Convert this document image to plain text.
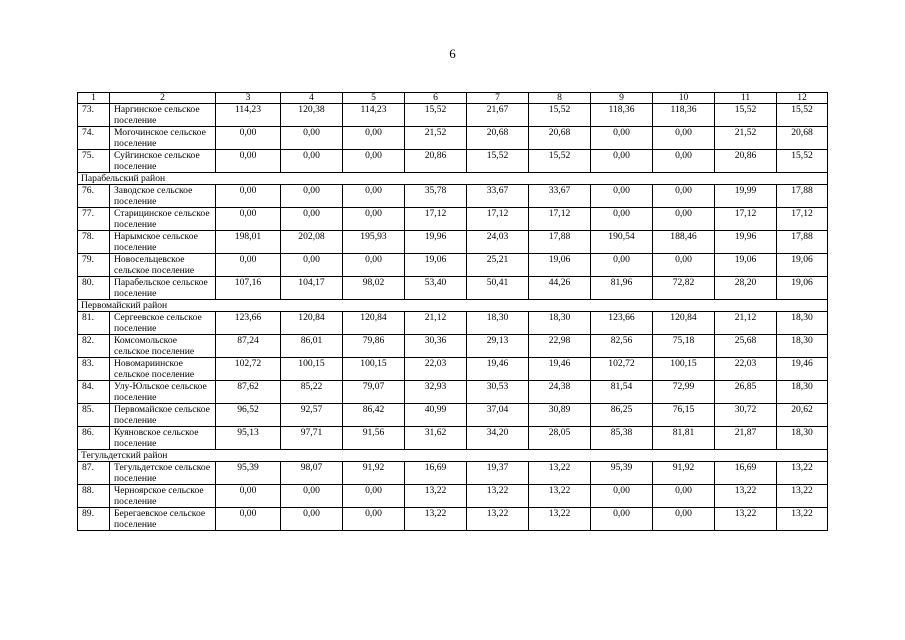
6
1	2	3	4	5	6	7	8	9	10	11	12
73.	Наргинское сельское поселение	114,23	120,38	114,23	15,52	21,67	15,52	118,36	118,36	15,52	15,52
74.	Могочинское сельское поселение	0,00	0,00	0,00	21,52	20,68	20,68	0,00	0,00	21,52	20,68
75.	Суйгинское сельское поселение	0,00	0,00	0,00	20,86	15,52	15,52	0,00	0,00	20,86	15,52
Парабельский район											
76.	Заводское сельское поселение	0,00	0,00	0,00	35,78	33,67	33,67	0,00	0,00	19,99	17,88
77.	Старицинское сельское поселение	0,00	0,00	0,00	17,12	17,12	17,12	0,00	0,00	17,12	17,12
78.	Нарымское сельское поселение	198,01	202,08	195,93	19,96	24,03	17,88	190,54	188,46	19,96	17,88
79.	Новосельцевское сельское поселение	0,00	0,00	0,00	19,06	25,21	19,06	0,00	0,00	19,06	19,06
80.	Парабельское сельское поселение	107,16	104,17	98,02	53,40	50,41	44,26	81,96	72,82	28,20	19,06
Первомайский район											
81.	Сергеевское сельское поселение	123,66	120,84	120,84	21,12	18,30	18,30	123,66	120,84	21,12	18,30
82.	Комсомольское сельское поселение	87,24	86,01	79,86	30,36	29,13	22,98	82,56	75,18	25,68	18,30
83.	Новомариинское сельское поселение	102,72	100,15	100,15	22,03	19,46	19,46	102,72	100,15	22,03	19,46
84.	Улу-Юльское сельское поселение	87,62	85,22	79,07	32,93	30,53	24,38	81,54	72,99	26,85	18,30
85.	Первомайское сельское поселение	96,52	92,57	86,42	40,99	37,04	30,89	86,25	76,15	30,72	20,62
86.	Куяновское сельское поселение	95,13	97,71	91,56	31,62	34,20	28,05	85,38	81,81	21,87	18,30
Тегульдетский район											
87.	Тегульдетское сельское поселение	95,39	98,07	91,92	16,69	19,37	13,22	95,39	91,92	16,69	13,22
88.	Черноярское сельское поселение	0,00	0,00	0,00	13,22	13,22	13,22	0,00	0,00	13,22	13,22
89.	Берегаевское сельское поселение	0,00	0,00	0,00	13,22	13,22	13,22	0,00	0,00	13,22	13,22
